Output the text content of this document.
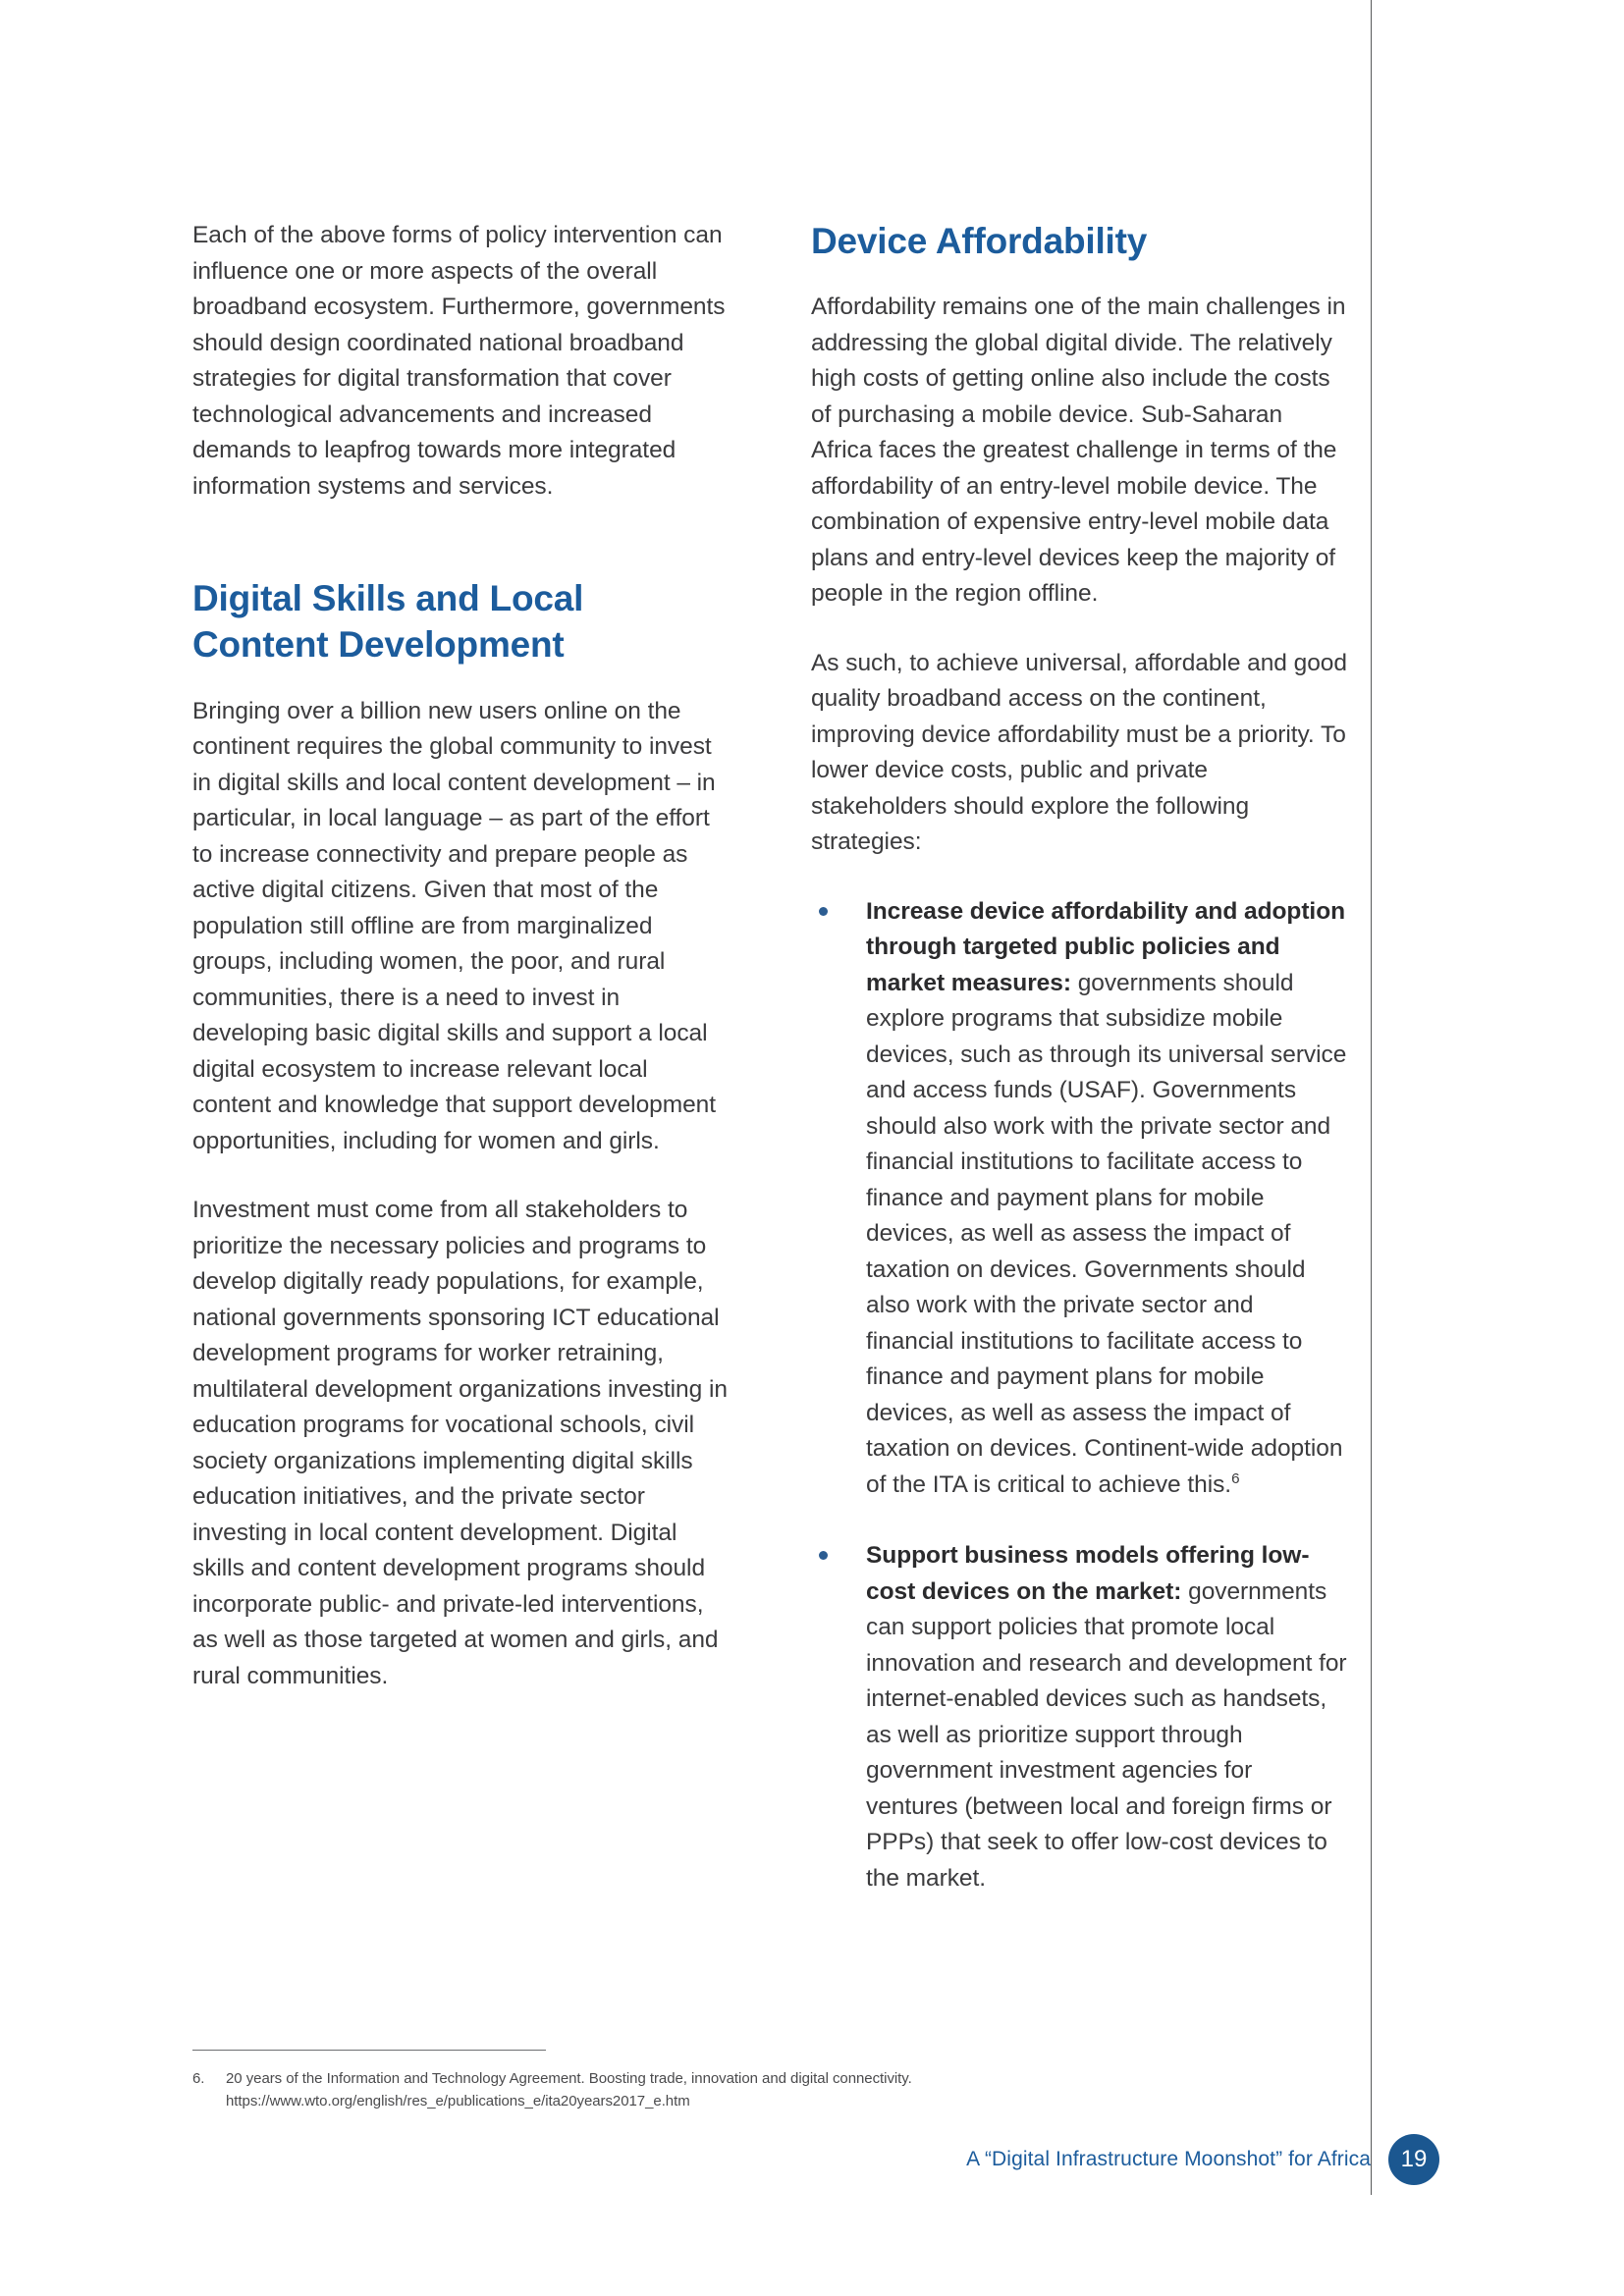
Each of the above forms of policy intervention can influence one or more aspects of the overall broadband ecosystem. Furthermore, governments should design coordinated national broadband strategies for digital transformation that cover technological advancements and increased demands to leapfrog towards more integrated information systems and services.

Digital Skills and Local Content Development

Bringing over a billion new users online on the continent requires the global community to invest in digital skills and local content development – in particular, in local language – as part of the effort to increase connectivity and prepare people as active digital citizens. Given that most of the population still offline are from marginalized groups, including women, the poor, and rural communities, there is a need to invest in developing basic digital skills and support a local digital ecosystem to increase relevant local content and knowledge that support development opportunities, including for women and girls.

Investment must come from all stakeholders to prioritize the necessary policies and programs to develop digitally ready populations, for example, national governments sponsoring ICT educational development programs for worker retraining, multilateral development organizations investing in education programs for vocational schools, civil society organizations implementing digital skills education initiatives, and the private sector investing in local content development. Digital skills and content development programs should incorporate public- and private-led interventions, as well as those targeted at women and girls, and rural communities.

Device Affordability

Affordability remains one of the main challenges in addressing the global digital divide. The relatively high costs of getting online also include the costs of purchasing a mobile device. Sub-Saharan Africa faces the greatest challenge in terms of the affordability of an entry-level mobile device. The combination of expensive entry-level mobile data plans and entry-level devices keep the majority of people in the region offline.

As such, to achieve universal, affordable and good quality broadband access on the continent, improving device affordability must be a priority. To lower device costs, public and private stakeholders should explore the following strategies:

Increase device affordability and adoption through targeted public policies and market measures: governments should explore programs that subsidize mobile devices, such as through its universal service and access funds (USAF). Governments should also work with the private sector and financial institutions to facilitate access to finance and payment plans for mobile devices, as well as assess the impact of taxation on devices. Governments should also work with the private sector and financial institutions to facilitate access to finance and payment plans for mobile devices, as well as assess the impact of taxation on devices. Continent-wide adoption of the ITA is critical to achieve this.$^6$
Support business models offering low-cost devices on the market: governments can support policies that promote local innovation and research and development for internet-enabled devices such as handsets, as well as prioritize support through government investment agencies for ventures (between local and foreign firms or PPPs) that seek to offer low-cost devices to the market.
6.	20 years of the Information and Technology Agreement. Boosting trade, innovation and digital connectivity. https://www.wto.org/english/res_e/publications_e/ita20years2017_e.htm
A “Digital Infrastructure Moonshot” for Africa	19
